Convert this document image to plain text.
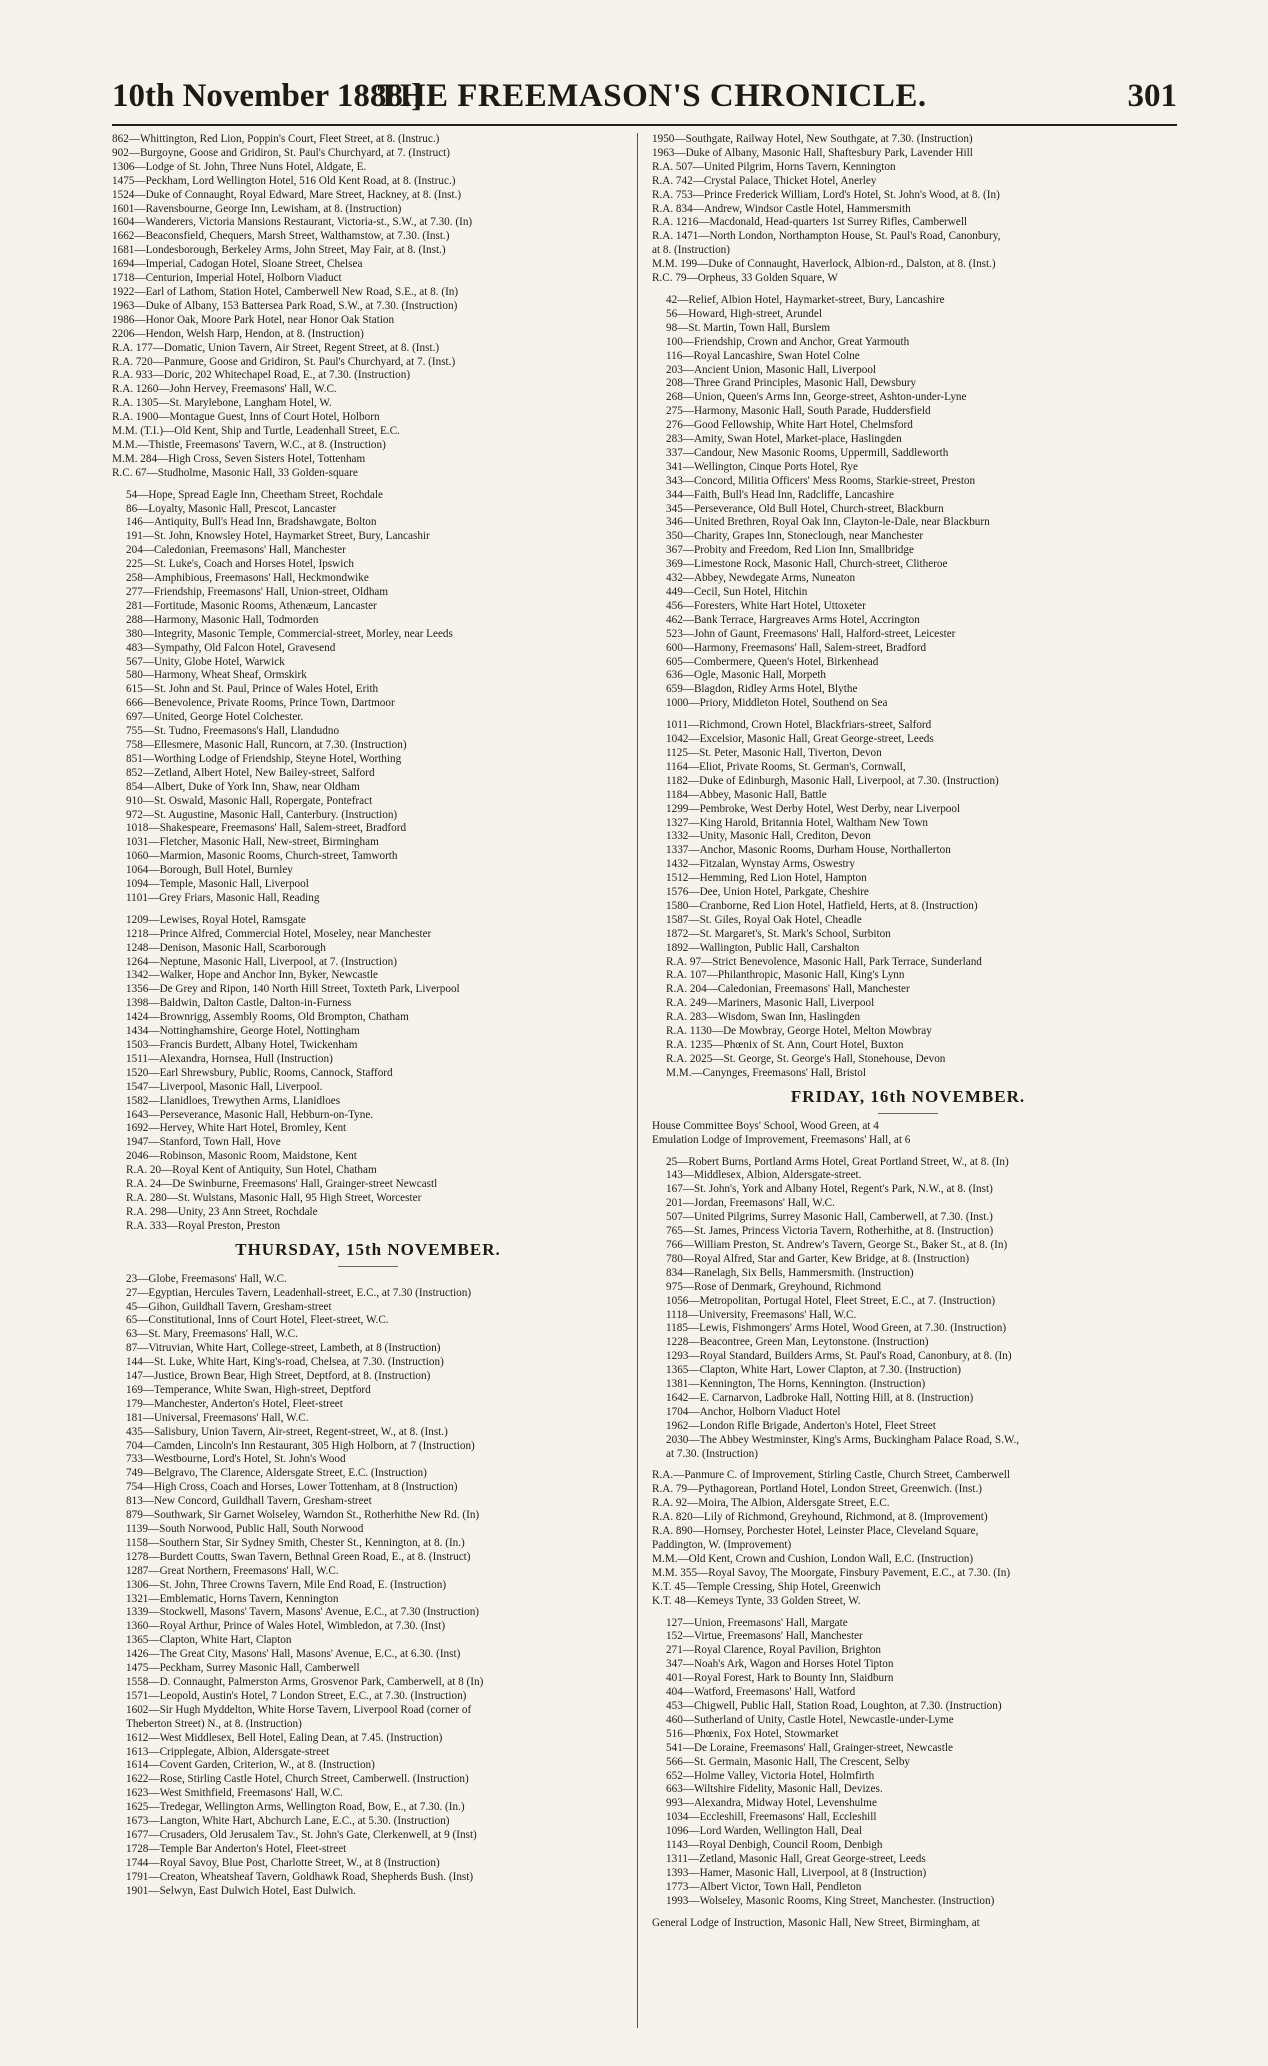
10th November 1888.]
THE FREEMASON'S CHRONICLE.	301
862—Whittington, Red Lion, Poppin's Court, Fleet Street, at 8. (Instruc.)
902—Burgoyne, Goose and Gridiron, St. Paul's Churchyard, at 7. (Instruct)
1306—Lodge of St. John, Three Nuns Hotel, Aldgate, E.
1475—Peckham, Lord Wellington Hotel, 516 Old Kent Road, at 8. (Instruc.)
1524—Duke of Connaught, Royal Edward, Mare Street, Hackney, at 8. (Inst.)
1601—Ravensbourne, George Inn, Lewisham, at 8. (Instruction)
1604—Wanderers, Victoria Mansions Restaurant, Victoria-st., S.W., at 7.30. (In)
1662—Beaconsfield, Chequers, Marsh Street, Walthamstow, at 7.30. (Inst.)
1681—Londesborough, Berkeley Arms, John Street, May Fair, at 8. (Inst.)
1694—Imperial, Cadogan Hotel, Sloane Street, Chelsea
1718—Centurion, Imperial Hotel, Holborn Viaduct
1922—Earl of Lathom, Station Hotel, Camberwell New Road, S.E., at 8. (In)
1963—Duke of Albany, 153 Battersea Park Road, S.W., at 7.30. (Instruction)
1986—Honor Oak, Moore Park Hotel, near Honor Oak Station
2206—Hendon, Welsh Harp, Hendon, at 8. (Instruction)
R.A. 177—Domatic, Union Tavern, Air Street, Regent Street, at 8. (Inst.)
R.A. 720—Panmure, Goose and Gridiron, St. Paul's Churchyard, at 7. (Inst.)
R.A. 933—Doric, 202 Whitechapel Road, E., at 7.30. (Instruction)
R.A. 1260—John Hervey, Freemasons' Hall, W.C.
R.A. 1305—St. Marylebone, Langham Hotel, W.
R.A. 1900—Montague Guest, Inns of Court Hotel, Holborn
M.M. (T.I.)—Old Kent, Ship and Turtle, Leadenhall Street, E.C.
M.M.—Thistle, Freemasons' Tavern, W.C., at 8. (Instruction)
M.M. 284—High Cross, Seven Sisters Hotel, Tottenham
R.C. 67—Studholme, Masonic Hall, 33 Golden-square
54—Hope, Spread Eagle Inn, Cheetham Street, Rochdale
86—Loyalty, Masonic Hall, Prescot, Lancaster
146—Antiquity, Bull's Head Inn, Bradshawgate, Bolton
191—St. John, Knowsley Hotel, Haymarket Street, Bury, Lancashir
204—Caledonian, Freemasons' Hall, Manchester
225—St. Luke's, Coach and Horses Hotel, Ipswich
258—Amphibious, Freemasons' Hall, Heckmondwike
277—Friendship, Freemasons' Hall, Union-street, Oldham
281—Fortitude, Masonic Rooms, Athenæum, Lancaster
288—Harmony, Masonic Hall, Todmorden
380—Integrity, Masonic Temple, Commercial-street, Morley, near Leeds
483—Sympathy, Old Falcon Hotel, Gravesend
567—Unity, Globe Hotel, Warwick
580—Harmony, Wheat Sheaf, Ormskirk
615—St. John and St. Paul, Prince of Wales Hotel, Erith
666—Benevolence, Private Rooms, Prince Town, Dartmoor
697—United, George Hotel Colchester.
755—St. Tudno, Freemasons's Hall, Llandudno
758—Ellesmere, Masonic Hall, Runcorn, at 7.30. (Instruction)
851—Worthing Lodge of Friendship, Steyne Hotel, Worthing
852—Zetland, Albert Hotel, New Bailey-street, Salford
854—Albert, Duke of York Inn, Shaw, near Oldham
910—St. Oswald, Masonic Hall, Ropergate, Pontefract
972—St. Augustine, Masonic Hall, Canterbury. (Instruction)
1018—Shakespeare, Freemasons' Hall, Salem-street, Bradford
1031—Fletcher, Masonic Hall, New-street, Birmingham
1060—Marmion, Masonic Rooms, Church-street, Tamworth
1064—Borough, Bull Hotel, Burnley
1094—Temple, Masonic Hall, Liverpool
1101—Grey Friars, Masonic Hall, Reading
1209—Lewises, Royal Hotel, Ramsgate
1218—Prince Alfred, Commercial Hotel, Moseley, near Manchester
1248—Denison, Masonic Hall, Scarborough
1264—Neptune, Masonic Hall, Liverpool, at 7. (Instruction)
1342—Walker, Hope and Anchor Inn, Byker, Newcastle
1356—De Grey and Ripon, 140 North Hill Street, Toxteth Park, Liverpool
1398—Baldwin, Dalton Castle, Dalton-in-Furness
1424—Brownrigg, Assembly Rooms, Old Brompton, Chatham
1434—Nottinghamshire, George Hotel, Nottingham
1503—Francis Burdett, Albany Hotel, Twickenham
1511—Alexandra, Hornsea, Hull (Instruction)
1520—Earl Shrewsbury, Public, Rooms, Cannock, Stafford
1547—Liverpool, Masonic Hall, Liverpool.
1582—Llanidloes, Trewythen Arms, Llanidloes
1643—Perseverance, Masonic Hall, Hebburn-on-Tyne.
1692—Hervey, White Hart Hotel, Bromley, Kent
1947—Stanford, Town Hall, Hove
2046—Robinson, Masonic Room, Maidstone, Kent
R.A. 20—Royal Kent of Antiquity, Sun Hotel, Chatham
R.A. 24—De Swinburne, Freemasons' Hall, Grainger-street Newcastl
R.A. 280—St. Wulstans, Masonic Hall, 95 High Street, Worcester
R.A. 298—Unity, 23 Ann Street, Rochdale
R.A. 333—Royal Preston, Preston
THURSDAY, 15th NOVEMBER.
23—Globe, Freemasons' Hall, W.C.
27—Egyptian, Hercules Tavern, Leadenhall-street, E.C., at 7.30 (Instruction)
45—Gihon, Guildhall Tavern, Gresham-street
65—Constitutional, Inns of Court Hotel, Fleet-street, W.C.
63—St. Mary, Freemasons' Hall, W.C.
87—Vitruvian, White Hart, College-street, Lambeth, at 8 (Instruction)
144—St. Luke, White Hart, King's-road, Chelsea, at 7.30. (Instruction)
147—Justice, Brown Bear, High Street, Deptford, at 8. (Instruction)
169—Temperance, White Swan, High-street, Deptford
179—Manchester, Anderton's Hotel, Fleet-street
181—Universal, Freemasons' Hall, W.C.
435—Salisbury, Union Tavern, Air-street, Regent-street, W., at 8. (Inst.)
704—Camden, Lincoln's Inn Restaurant, 305 High Holborn, at 7 (Instruction)
733—Westbourne, Lord's Hotel, St. John's Wood
749—Belgravo, The Clarence, Aldersgate Street, E.C. (Instruction)
754—High Cross, Coach and Horses, Lower Tottenham, at 8 (Instruction)
813—New Concord, Guildhall Tavern, Gresham-street
879—Southwark, Sir Garnet Wolseley, Warndon St., Rotherhithe New Rd. (In)
1139—South Norwood, Public Hall, South Norwood
1158—Southern Star, Sir Sydney Smith, Chester St., Kennington, at 8. (In.)
1278—Burdett Coutts, Swan Tavern, Bethnal Green Road, E., at 8. (Instruct)
1287—Great Northern, Freemasons' Hall, W.C.
1306—St. John, Three Crowns Tavern, Mile End Road, E. (Instruction)
1321—Emblematic, Horns Tavern, Kennington
1339—Stockwell, Masons' Tavern, Masons' Avenue, E.C., at 7.30 (Instruction)
1360—Royal Arthur, Prince of Wales Hotel, Wimbledon, at 7.30. (Inst)
1365—Clapton, White Hart, Clapton
1426—The Great City, Masons' Hall, Masons' Avenue, E.C., at 6.30. (Inst)
1475—Peckham, Surrey Masonic Hall, Camberwell
1558—D. Connaught, Palmerston Arms, Grosvenor Park, Camberwell, at 8 (In)
1571—Leopold, Austin's Hotel, 7 London Street, E.C., at 7.30. (Instruction)
1602—Sir Hugh Myddelton, White Horse Tavern, Liverpool Road (corner of
Theberton Street) N., at 8. (Instruction)
1612—West Middlesex, Bell Hotel, Ealing Dean, at 7.45. (Instruction)
1613—Cripplegate, Albion, Aldersgate-street
1614—Covent Garden, Criterion, W., at 8. (Instruction)
1622—Rose, Stirling Castle Hotel, Church Street, Camberwell. (Instruction)
1623—West Smithfield, Freemasons' Hall, W.C.
1625—Tredegar, Wellington Arms, Wellington Road, Bow, E., at 7.30. (In.)
1673—Langton, White Hart, Abchurch Lane, E.C., at 5.30. (Instruction)
1677—Crusaders, Old Jerusalem Tav., St. John's Gate, Clerkenwell, at 9 (Inst)
1728—Temple Bar Anderton's Hotel, Fleet-street
1744—Royal Savoy, Blue Post, Charlotte Street, W., at 8 (Instruction)
1791—Creaton, Wheatsheaf Tavern, Goldhawk Road, Shepherds Bush. (Inst)
1901—Selwyn, East Dulwich Hotel, East Dulwich.
1950—Southgate, Railway Hotel, New Southgate, at 7.30. (Instruction)
1963—Duke of Albany, Masonic Hall, Shaftesbury Park, Lavender Hill
R.A. 507—United Pilgrim, Horns Tavern, Kennington
R.A. 742—Crystal Palace, Thicket Hotel, Anerley
R.A. 753—Prince Frederick William, Lord's Hotel, St. John's Wood, at 8. (In)
R.A. 834—Andrew, Windsor Castle Hotel, Hammersmith
R.A. 1216—Macdonald, Head-quarters 1st Surrey Rifles, Camberwell
R.A. 1471—North London, Northampton House, St. Paul's Road, Canonbury,
at 8. (Instruction)
M.M. 199—Duke of Connaught, Haverlock, Albion-rd., Dalston, at 8. (Inst.)
R.C. 79—Orpheus, 33 Golden Square, W
42—Relief, Albion Hotel, Haymarket-street, Bury, Lancashire
56—Howard, High-street, Arundel
98—St. Martin, Town Hall, Burslem
100—Friendship, Crown and Anchor, Great Yarmouth
116—Royal Lancashire, Swan Hotel Colne
203—Ancient Union, Masonic Hall, Liverpool
208—Three Grand Principles, Masonic Hall, Dewsbury
268—Union, Queen's Arms Inn, George-street, Ashton-under-Lyne
275—Harmony, Masonic Hall, South Parade, Huddersfield
276—Good Fellowship, White Hart Hotel, Chelmsford
283—Amity, Swan Hotel, Market-place, Haslingden
337—Candour, New Masonic Rooms, Uppermill, Saddleworth
341—Wellington, Cinque Ports Hotel, Rye
343—Concord, Militia Officers' Mess Rooms, Starkie-street, Preston
344—Faith, Bull's Head Inn, Radcliffe, Lancashire
345—Perseverance, Old Bull Hotel, Church-street, Blackburn
346—United Brethren, Royal Oak Inn, Clayton-le-Dale, near Blackburn
350—Charity, Grapes Inn, Stoneclough, near Manchester
367—Probity and Freedom, Red Lion Inn, Smallbridge
369—Limestone Rock, Masonic Hall, Church-street, Clitheroe
432—Abbey, Newdegate Arms, Nuneaton
449—Cecil, Sun Hotel, Hitchin
456—Foresters, White Hart Hotel, Uttoxeter
462—Bank Terrace, Hargreaves Arms Hotel, Accrington
523—John of Gaunt, Freemasons' Hall, Halford-street, Leicester
600—Harmony, Freemasons' Hall, Salem-street, Bradford
605—Combermere, Queen's Hotel, Birkenhead
636—Ogle, Masonic Hall, Morpeth
659—Blagdon, Ridley Arms Hotel, Blythe
1000—Priory, Middleton Hotel, Southend on Sea
1011—Richmond, Crown Hotel, Blackfriars-street, Salford
1042—Excelsior, Masonic Hall, Great George-street, Leeds
1125—St. Peter, Masonic Hall, Tiverton, Devon
1164—Eliot, Private Rooms, St. German's, Cornwall,
1182—Duke of Edinburgh, Masonic Hall, Liverpool, at 7.30. (Instruction)
1184—Abbey, Masonic Hall, Battle
1299—Pembroke, West Derby Hotel, West Derby, near Liverpool
1327—King Harold, Britannia Hotel, Waltham New Town
1332—Unity, Masonic Hall, Crediton, Devon
1337—Anchor, Masonic Rooms, Durham House, Northallerton
1432—Fitzalan, Wynstay Arms, Oswestry
1512—Hemming, Red Lion Hotel, Hampton
1576—Dee, Union Hotel, Parkgate, Cheshire
1580—Cranborne, Red Lion Hotel, Hatfield, Herts, at 8. (Instruction)
1587—St. Giles, Royal Oak Hotel, Cheadle
1872—St. Margaret's, St. Mark's School, Surbiton
1892—Wallington, Public Hall, Carshalton
R.A. 97—Strict Benevolence, Masonic Hall, Park Terrace, Sunderland
R.A. 107—Philanthropic, Masonic Hall, King's Lynn
R.A. 204—Caledonian, Freemasons' Hall, Manchester
R.A. 249—Mariners, Masonic Hall, Liverpool
R.A. 283—Wisdom, Swan Inn, Haslingden
R.A. 1130—De Mowbray, George Hotel, Melton Mowbray
R.A. 1235—Phœnix of St. Ann, Court Hotel, Buxton
R.A. 2025—St. George, St. George's Hall, Stonehouse, Devon
M.M.—Canynges, Freemasons' Hall, Bristol
FRIDAY, 16th NOVEMBER.
House Committee Boys' School, Wood Green, at 4
Emulation Lodge of Improvement, Freemasons' Hall, at 6
25—Robert Burns, Portland Arms Hotel, Great Portland Street, W., at 8. (In)
143—Middlesex, Albion, Aldersgate-street.
167—St. John's, York and Albany Hotel, Regent's Park, N.W., at 8. (Inst)
201—Jordan, Freemasons' Hall, W.C.
507—United Pilgrims, Surrey Masonic Hall, Camberwell, at 7.30. (Inst.)
765—St. James, Princess Victoria Tavern, Rotherhithe, at 8. (Instruction)
766—William Preston, St. Andrew's Tavern, George St., Baker St., at 8. (In)
780—Royal Alfred, Star and Garter, Kew Bridge, at 8. (Instruction)
834—Ranelagh, Six Bells, Hammersmith. (Instruction)
975—Rose of Denmark, Greyhound, Richmond
1056—Metropolitan, Portugal Hotel, Fleet Street, E.C., at 7. (Instruction)
1118—University, Freemasons' Hall, W.C.
1185—Lewis, Fishmongers' Arms Hotel, Wood Green, at 7.30. (Instruction)
1228—Beacontree, Green Man, Leytonstone. (Instruction)
1293—Royal Standard, Builders Arms, St. Paul's Road, Canonbury, at 8. (In)
1365—Clapton, White Hart, Lower Clapton, at 7.30. (Instruction)
1381—Kennington, The Horns, Kennington. (Instruction)
1642—E. Carnarvon, Ladbroke Hall, Notting Hill, at 8. (Instruction)
1704—Anchor, Holborn Viaduct Hotel
1962—London Rifle Brigade, Anderton's Hotel, Fleet Street
2030—The Abbey Westminster, King's Arms, Buckingham Palace Road, S.W.,
at 7.30. (Instruction)
R.A.—Panmure C. of Improvement, Stirling Castle, Church Street, Camberwell
R.A. 79—Pythagorean, Portland Hotel, London Street, Greenwich. (Inst.)
R.A. 92—Moira, The Albion, Aldersgate Street, E.C.
R.A. 820—Lily of Richmond, Greyhound, Richmond, at 8. (Improvement)
R.A. 890—Hornsey, Porchester Hotel, Leinster Place, Cleveland Square,
Paddington, W. (Improvement)
M.M.—Old Kent, Crown and Cushion, London Wall, E.C. (Instruction)
M.M. 355—Royal Savoy, The Moorgate, Finsbury Pavement, E.C., at 7.30. (In)
K.T. 45—Temple Cressing, Ship Hotel, Greenwich
K.T. 48—Kemeys Tynte, 33 Golden Street, W.
127—Union, Freemasons' Hall, Margate
152—Virtue, Freemasons' Hall, Manchester
271—Royal Clarence, Royal Pavilion, Brighton
347—Noah's Ark, Wagon and Horses Hotel Tipton
401—Royal Forest, Hark to Bounty Inn, Slaidburn
404—Watford, Freemasons' Hall, Watford
453—Chigwell, Public Hall, Station Road, Loughton, at 7.30. (Instruction)
460—Sutherland of Unity, Castle Hotel, Newcastle-under-Lyme
516—Phœnix, Fox Hotel, Stowmarket
541—De Loraine, Freemasons' Hall, Grainger-street, Newcastle
566—St. Germain, Masonic Hall, The Crescent, Selby
652—Holme Valley, Victoria Hotel, Holmfirth
663—Wiltshire Fidelity, Masonic Hall, Devizes.
993—Alexandra, Midway Hotel, Levenshulme
1034—Eccleshill, Freemasons' Hall, Eccleshill
1096—Lord Warden, Wellington Hall, Deal
1143—Royal Denbigh, Council Room, Denbigh
1311—Zetland, Masonic Hall, Great George-street, Leeds
1393—Hamer, Masonic Hall, Liverpool, at 8 (Instruction)
1773—Albert Victor, Town Hall, Pendleton
1993—Wolseley, Masonic Rooms, King Street, Manchester. (Instruction)
General Lodge of Instruction, Masonic Hall, New Street, Birmingham, at
